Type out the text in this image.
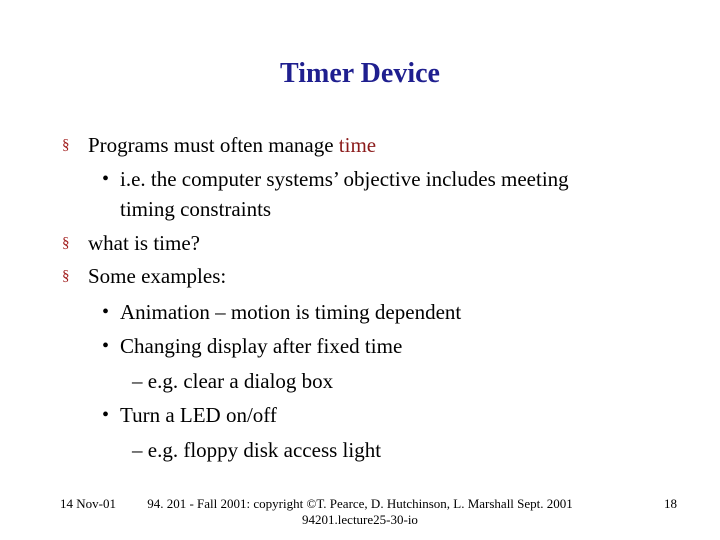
Timer Device
§ Programs must often manage time
• i.e. the computer systems’ objective includes meeting
timing constraints
§ what is time?
§ Some examples:
• Animation – motion is timing dependent
• Changing display after fixed time
– e.g. clear a dialog box
• Turn a LED on/off
– e.g. floppy disk access light
14 Nov-01	94. 201 - Fall 2001: copyright ©T. Pearce, D. Hutchinson, L. Marshall Sept. 2001
94201.lecture25-30-io
18
